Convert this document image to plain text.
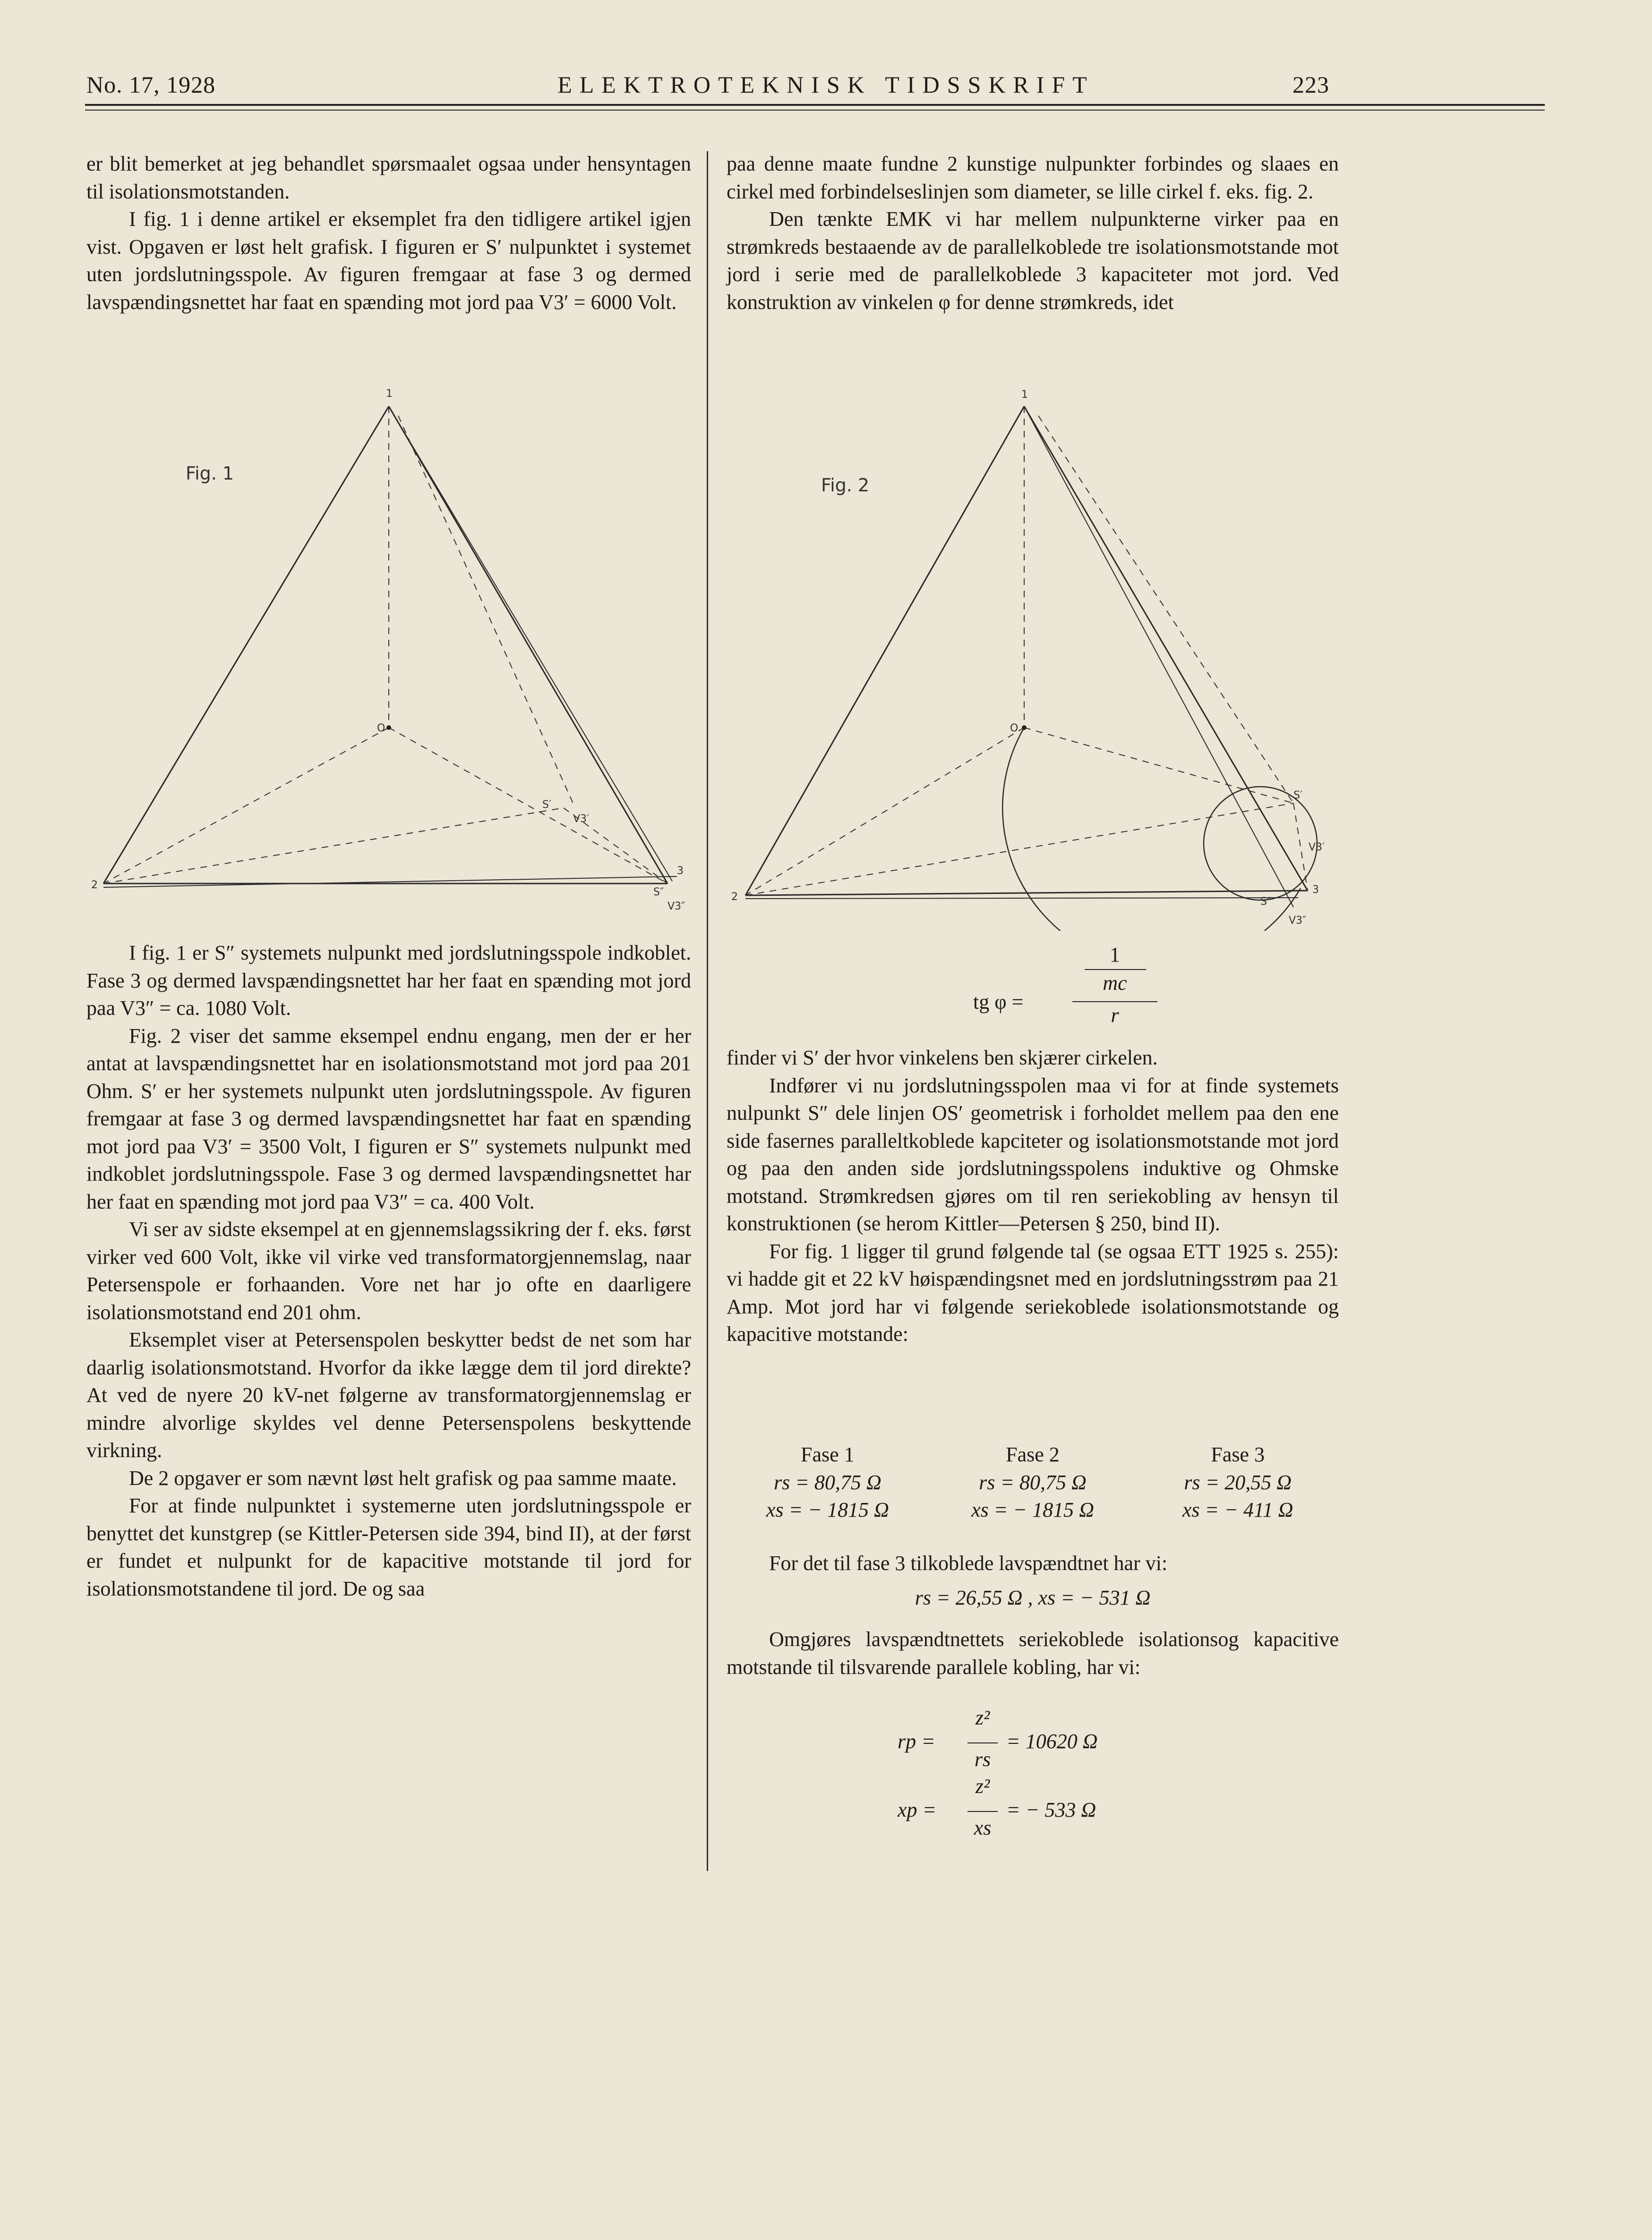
No. 17, 1928	ELEKTROTEKNISK TIDSSKRIFT	223

er blit bemerket at jeg behandlet spørsmaalet ogsaa under hensyntagen til isolationsmotstanden.

I fig. 1 i denne artikel er eksemplet fra den tidligere artikel igjen vist. Opgaven er løst helt grafisk. I figuren er S′ nulpunktet i systemet uten jordslutningsspole. Av figuren fremgaar at fase 3 og dermed lavspændingsnettet har faat en spænding mot jord paa V3′ = 6000 Volt.

Fig. 1
1
2
3
O
S′
S″
V3′
V3″

I fig. 1 er S″ systemets nulpunkt med jordslutningsspole indkoblet. Fase 3 og dermed lavspændingsnettet har her faat en spænding mot jord paa V3″ = ca. 1080 Volt.

Fig. 2 viser det samme eksempel endnu engang, men der er her antat at lavspændingsnettet har en isolationsmotstand mot jord paa 201 Ohm. S′ er her systemets nulpunkt uten jordslutningsspole. Av figuren fremgaar at fase 3 og dermed lavspændingsnettet har faat en spænding mot jord paa V3′ = 3500 Volt, I figuren er S″ systemets nulpunkt med indkoblet jordslutningsspole. Fase 3 og dermed lavspændingsnettet har her faat en spænding mot jord paa V3″ = ca. 400 Volt.

Vi ser av sidste eksempel at en gjennemslagssikring der f. eks. først virker ved 600 Volt, ikke vil virke ved transformatorgjennemslag, naar Petersenspole er forhaanden. Vore net har jo ofte en daarligere isolationsmotstand end 201 ohm.

Eksemplet viser at Petersenspolen beskytter bedst de net som har daarlig isolationsmotstand. Hvorfor da ikke lægge dem til jord direkte? At ved de nyere 20 kV-net følgerne av transformatorgjennemslag er mindre alvorlige skyldes vel denne Petersenspolens beskyttende virkning.

De 2 opgaver er som nævnt løst helt grafisk og paa samme maate.

For at finde nulpunktet i systemerne uten jordslutningsspole er benyttet det kunstgrep (se Kittler-Petersen side 394, bind II), at der først er fundet et nulpunkt for de kapacitive motstande til jord for isolationsmotstandene til jord. De og saa

paa denne maate fundne 2 kunstige nulpunkter forbindes og slaaes en cirkel med forbindelseslinjen som diameter, se lille cirkel f. eks. fig. 2.

Den tænkte EMK vi har mellem nulpunkterne virker paa en strømkreds bestaaende av de parallelkoblede tre isolationsmotstande mot jord i serie med de parallelkoblede 3 kapaciteter mot jord. Ved konstruktion av vinkelen φ for denne strømkreds, idet

Fig. 2
1
2
3
O
S′
S″
V3′
V3″
tg φ =
1
mc
r

finder vi S′ der hvor vinkelens ben skjærer cirkelen.

Indfører vi nu jordslutningsspolen maa vi for at finde systemets nulpunkt S″ dele linjen OS′ geometrisk i forholdet mellem paa den ene side fasernes paralleltkoblede kapciteter og isolationsmotstande mot jord og paa den anden side jordslutningsspolens induktive og Ohmske motstand. Strømkredsen gjøres om til ren seriekobling av hensyn til konstruktionen (se herom Kittler—Petersen § 250, bind II).

For fig. 1 ligger til grund følgende tal (se ogsaa ETT 1925 s. 255): vi hadde git et 22 kV høispændingsnet med en jordslutningsstrøm paa 21 Amp. Mot jord har vi følgende seriekoblede isolationsmotstande og kapacitive motstande:

Fase 1	Fase 2	Fase 3
rs = 80,75 Ω	rs = 80,75 Ω	rs = 20,55 Ω
xs = − 1815 Ω	xs = − 1815 Ω	xs = − 411 Ω

For det til fase 3 tilkoblede lavspændtnet har vi:

rs = 26,55 Ω , xs = − 531 Ω

Omgjøres lavspændtnettets seriekoblede isolationsog kapacitive motstande til tilsvarende parallele kobling, har vi:

rp =
z²
rs
= 10620 Ω
xp =
z²
xs
= − 533 Ω
